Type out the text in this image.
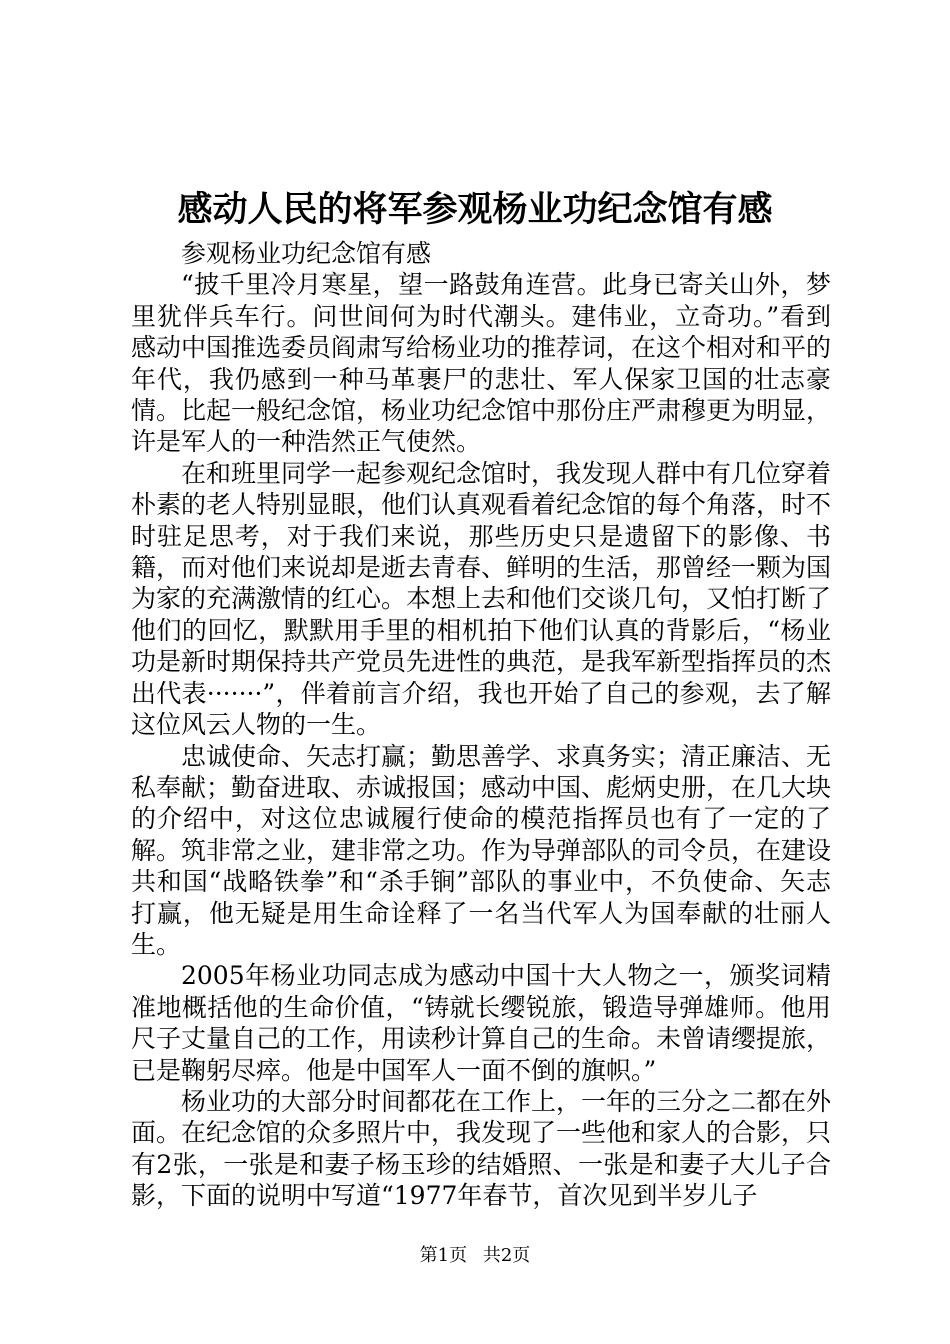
感动人民的将军参观杨业功纪念馆有感

参观杨业功纪念馆有感

“披千里冷月寒星，望一路鼓角连营。此身已寄关山外，梦里犹伴兵车行。问世间何为时代潮头。建伟业，立奇功。”看到感动中国推选委员阎肃写给杨业功的推荐词，在这个相对和平的年代，我仍感到一种马革裹尸的悲壮、军人保家卫国的壮志豪情。比起一般纪念馆，杨业功纪念馆中那份庄严肃穆更为明显，许是军人的一种浩然正气使然。

在和班里同学一起参观纪念馆时，我发现人群中有几位穿着朴素的老人特别显眼，他们认真观看着纪念馆的每个角落，时不时驻足思考，对于我们来说，那些历史只是遗留下的影像、书籍，而对他们来说却是逝去青春、鲜明的生活，那曾经一颗为国为家的充满激情的红心。本想上去和他们交谈几句，又怕打断了他们的回忆，默默用手里的相机拍下他们认真的背影后，“杨业功是新时期保持共产党员先进性的典范，是我军新型指挥员的杰出代表·······”，伴着前言介绍，我也开始了自己的参观，去了解这位风云人物的一生。

忠诚使命、矢志打赢；勤思善学、求真务实；清正廉洁、无私奉献；勤奋进取、赤诚报国；感动中国、彪炳史册，在几大块的介绍中，对这位忠诚履行使命的模范指挥员也有了一定的了解。筑非常之业，建非常之功。作为导弹部队的司令员，在建设共和国“战略铁拳”和“杀手锏”部队的事业中，不负使命、矢志打赢，他无疑是用生命诠释了一名当代军人为国奉献的壮丽人生。

2005年杨业功同志成为感动中国十大人物之一，颁奖词精准地概括他的生命价值，“铸就长缨锐旅，锻造导弹雄师。他用尺子丈量自己的工作，用读秒计算自己的生命。未曾请缨提旅，已是鞠躬尽瘁。他是中国军人一面不倒的旗帜。”

杨业功的大部分时间都花在工作上，一年的三分之二都在外面。在纪念馆的众多照片中，我发现了一些他和家人的合影，只有2张，一张是和妻子杨玉珍的结婚照、一张是和妻子大儿子合影，下面的说明中写道“1977年春节，首次见到半岁儿子

第1页 共2页
